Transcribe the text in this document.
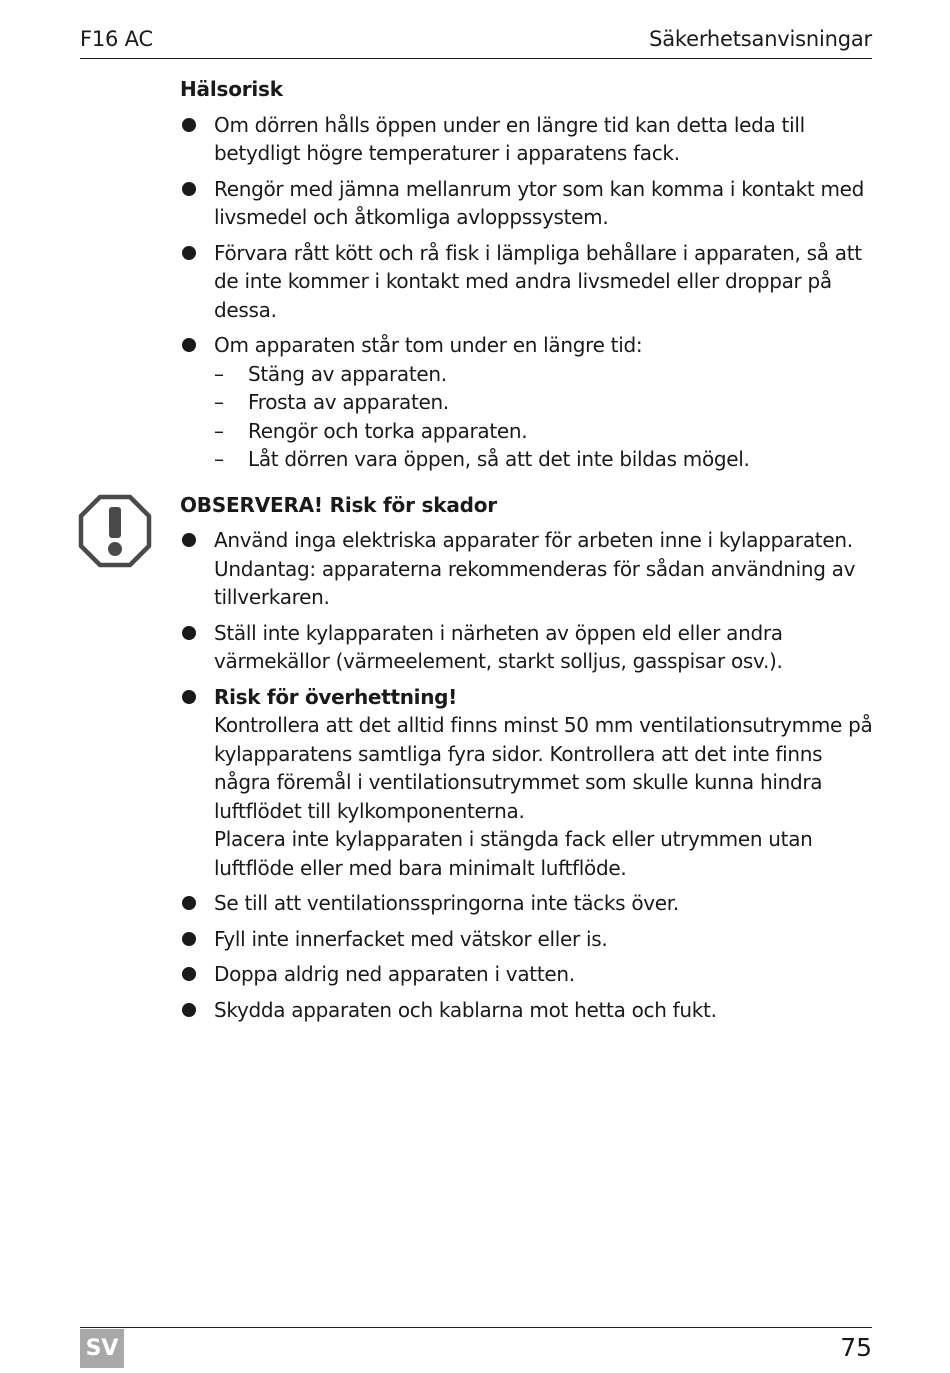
F16 AC	Säkerhetsanvisningar
Hälsorisk
Om dörren hålls öppen under en längre tid kan detta leda till betydligt högre temperaturer i apparatens fack.
Rengör med jämna mellanrum ytor som kan komma i kontakt med livsmedel och åtkomliga avloppssystem.
Förvara rått kött och rå fisk i lämpliga behållare i apparaten, så att de inte kommer i kontakt med andra livsmedel eller droppar på dessa.
Om apparaten står tom under en längre tid:
– Stäng av apparaten.
– Frosta av apparaten.
– Rengör och torka apparaten.
– Låt dörren vara öppen, så att det inte bildas mögel.
OBSERVERA! Risk för skador
Använd inga elektriska apparater för arbeten inne i kylapparaten. Undantag: apparaterna rekommenderas för sådan användning av tillverkaren.
Ställ inte kylapparaten i närheten av öppen eld eller andra värmekällor (värmeelement, starkt solljus, gasspisar osv.).
Risk för överhettning!
Kontrollera att det alltid finns minst 50 mm ventilationsutrymme på kylapparatens samtliga fyra sidor. Kontrollera att det inte finns några föremål i ventilationsutrymmet som skulle kunna hindra luftflödet till kylkomponenterna.
Placera inte kylapparaten i stängda fack eller utrymmen utan luftflöde eller med bara minimalt luftflöde.
Se till att ventilationsspringorna inte täcks över.
Fyll inte innerfacket med vätskor eller is.
Doppa aldrig ned apparaten i vatten.
Skydda apparaten och kablarna mot hetta och fukt.
SV	75
